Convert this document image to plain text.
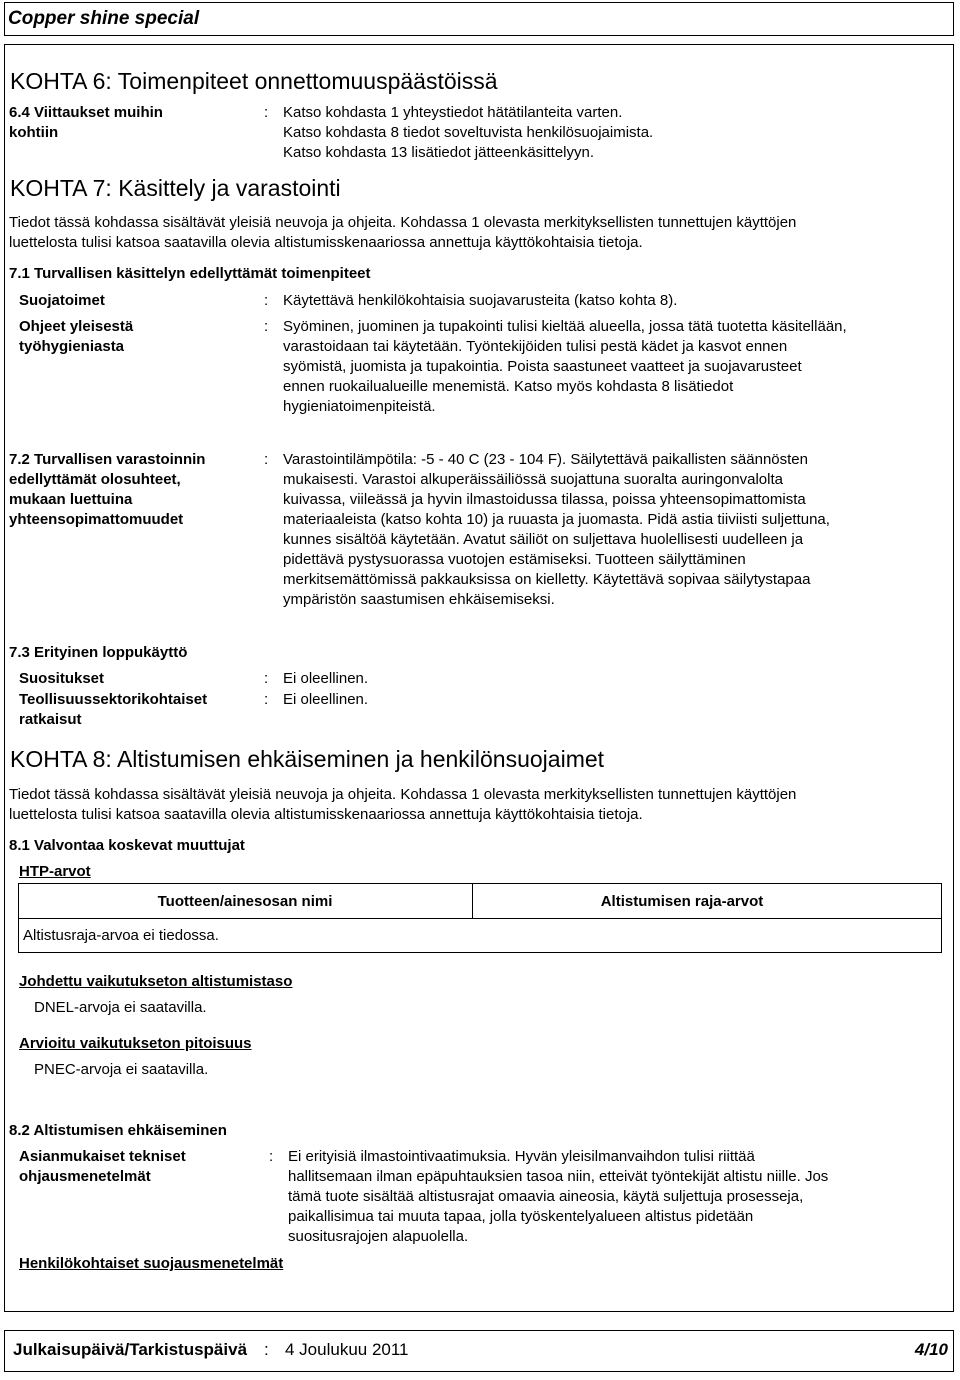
Copper shine special
KOHTA 6: Toimenpiteet onnettomuuspäästöissä
6.4 Viittaukset muihin
kohtiin
: Katso kohdasta 1 yhteystiedot hätätilanteita varten.
Katso kohdasta 8 tiedot soveltuvista henkilösuojaimista.
Katso kohdasta 13 lisätiedot jätteenkäsittelyyn.
KOHTA 7: Käsittely ja varastointi
Tiedot tässä kohdassa sisältävät yleisiä neuvoja ja ohjeita. Kohdassa 1 olevasta merkityksellisten tunnettujen käyttöjen
luettelosta tulisi katsoa saatavilla olevia altistumisskenaariossa annettuja käyttökohtaisia tietoja.
7.1 Turvallisen käsittelyn edellyttämät toimenpiteet
Suojatoimet	: Käytettävä henkilökohtaisia suojavarusteita (katso kohta 8).
Ohjeet yleisestä
työhygieniasta
: Syöminen, juominen ja tupakointi tulisi kieltää alueella, jossa tätä tuotetta käsitellään,
varastoidaan tai käytetään. Työntekijöiden tulisi pestä kädet ja kasvot ennen
syömistä, juomista ja tupakointia. Poista saastuneet vaatteet ja suojavarusteet
ennen ruokailualueille menemistä. Katso myös kohdasta 8 lisätiedot
hygieniatoimenpiteistä.
7.2 Turvallisen varastoinnin
edellyttämät olosuhteet,
mukaan luettuina
yhteensopimattomuudet
: Varastointilämpötila: -5 - 40 C (23 - 104 F). Säilytettävä paikallisten säännösten
mukaisesti. Varastoi alkuperäissäiliössä suojattuna suoralta auringonvalolta
kuivassa, viileässä ja hyvin ilmastoidussa tilassa, poissa yhteensopimattomista
materiaaleista (katso kohta 10) ja ruuasta ja juomasta. Pidä astia tiiviisti suljettuna,
kunnes sisältöä käytetään. Avatut säiliöt on suljettava huolellisesti uudelleen ja
pidettävä pystysuorassa vuotojen estämiseksi. Tuotteen säilyttäminen
merkitsemättömissä pakkauksissa on kielletty. Käytettävä sopivaa säilytystapaa
ympäristön saastumisen ehkäisemiseksi.
7.3 Erityinen loppukäyttö
Suositukset	: Ei oleellinen.
Teollisuussektorikohtaiset
ratkaisut
: Ei oleellinen.
KOHTA 8: Altistumisen ehkäiseminen ja henkilönsuojaimet
Tiedot tässä kohdassa sisältävät yleisiä neuvoja ja ohjeita. Kohdassa 1 olevasta merkityksellisten tunnettujen käyttöjen
luettelosta tulisi katsoa saatavilla olevia altistumisskenaariossa annettuja käyttökohtaisia tietoja.
8.1 Valvontaa koskevat muuttujat
HTP-arvot
Tuotteen/ainesosan nimi	Altistumisen raja-arvot
Altistusraja-arvoa ei tiedossa.
Johdettu vaikutukseton altistumistaso
DNEL-arvoja ei saatavilla.
Arvioitu vaikutukseton pitoisuus
PNEC-arvoja ei saatavilla.
8.2 Altistumisen ehkäiseminen
Asianmukaiset tekniset
ohjausmenetelmät
: Ei erityisiä ilmastointivaatimuksia. Hyvän yleisilmanvaihdon tulisi riittää
hallitsemaan ilman epäpuhtauksien tasoa niin, etteivät työntekijät altistu niille. Jos
tämä tuote sisältää altistusrajat omaavia aineosia, käytä suljettuja prosesseja,
paikallisimua tai muuta tapaa, jolla työskentelyalueen altistus pidetään
suositusrajojen alapuolella.
Henkilökohtaiset suojausmenetelmät
Julkaisupäivä/Tarkistuspäivä : 4 Joulukuu 2011	4/10
